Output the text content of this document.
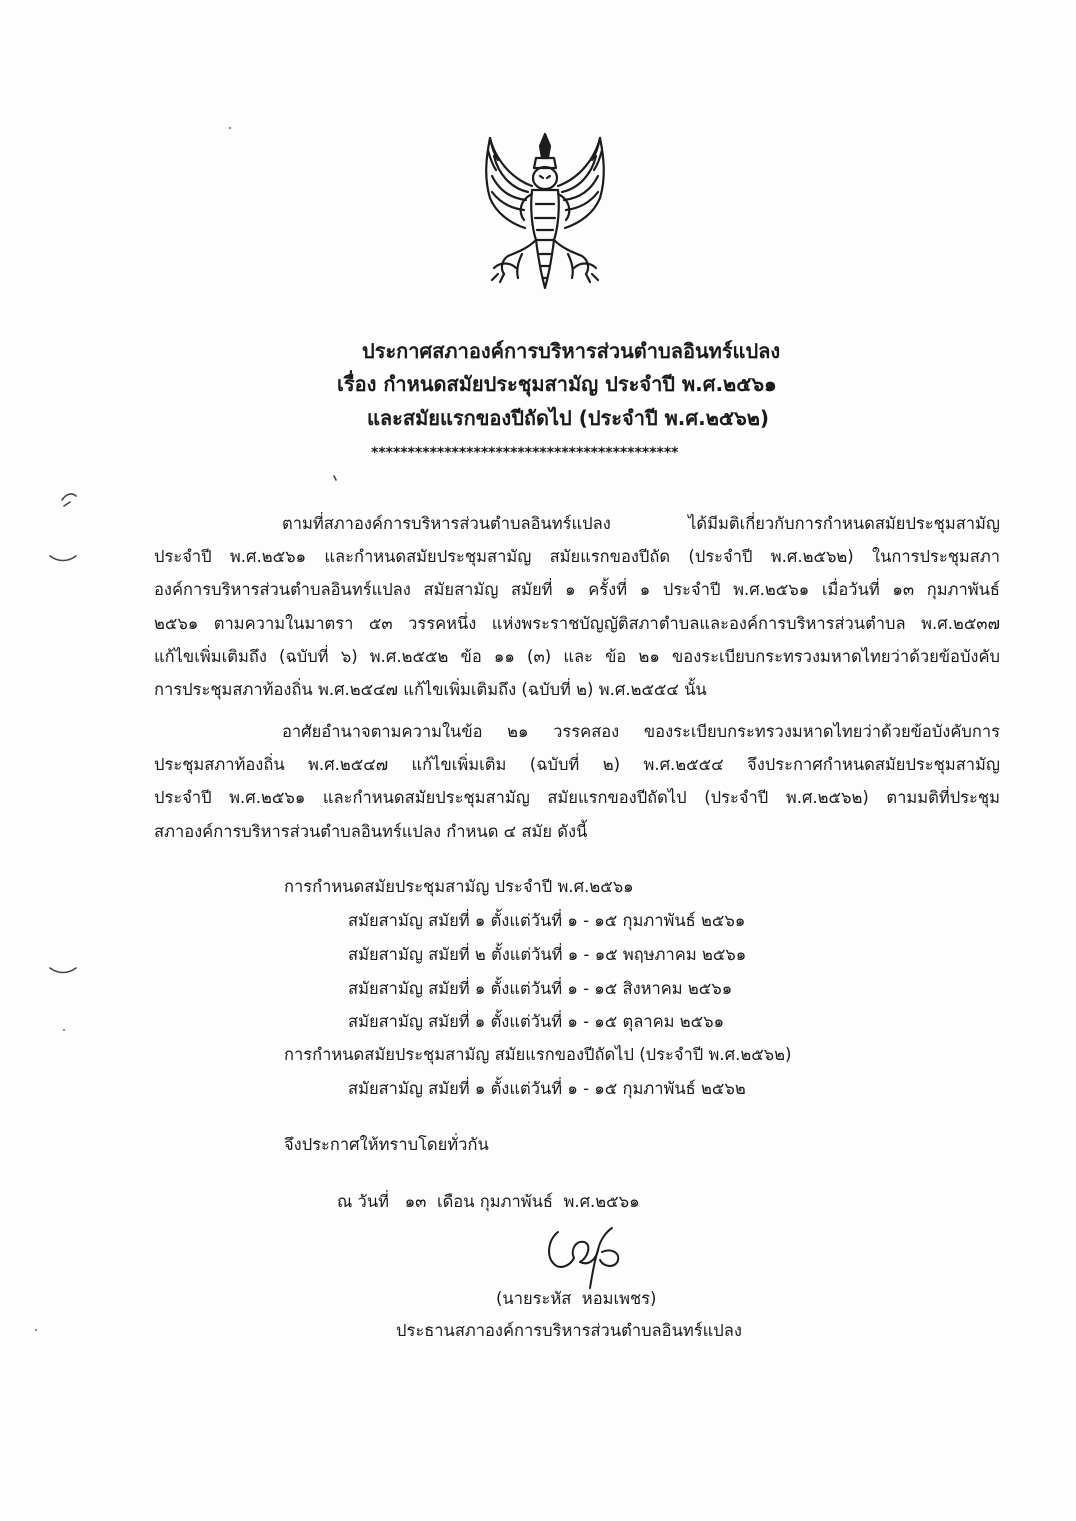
ประกาศสภาองค์การบริหารส่วนตำบลอินทร์แปลง
เรื่อง กำหนดสมัยประชุมสามัญ ประจำปี พ.ศ.๒๕๖๑
และสมัยแรกของปีถัดไป (ประจำปี พ.ศ.๒๕๖๒)
******************************************
ตามที่สภาองค์การบริหารส่วนตำบลอินทร์แปลง ได้มีมติเกี่ยวกับการกำหนดสมัยประชุมสามัญ
ประจำปี พ.ศ.๒๕๖๑ และกำหนดสมัยประชุมสามัญ สมัยแรกของปีถัด (ประจำปี พ.ศ.๒๕๖๒) ในการประชุมสภา
องค์การบริหารส่วนตำบลอินทร์แปลง สมัยสามัญ สมัยที่ ๑ ครั้งที่ ๑ ประจำปี พ.ศ.๒๕๖๑ เมื่อวันที่ ๑๓ กุมภาพันธ์
๒๕๖๑ ตามความในมาตรา ๕๓ วรรคหนึ่ง แห่งพระราชบัญญัติสภาตำบลและองค์การบริหารส่วนตำบล พ.ศ.๒๕๓๗
แก้ไขเพิ่มเติมถึง (ฉบับที่ ๖) พ.ศ.๒๕๕๒ ข้อ ๑๑ (๓) และ ข้อ ๒๑ ของระเบียบกระทรวงมหาดไทยว่าด้วยข้อบังคับ
การประชุมสภาท้องถิ่น พ.ศ.๒๕๔๗ แก้ไขเพิ่มเติมถึง (ฉบับที่ ๒) พ.ศ.๒๕๕๔ นั้น
อาศัยอำนาจตามความในข้อ ๒๑ วรรคสอง ของระเบียบกระทรวงมหาดไทยว่าด้วยข้อบังคับการ
ประชุมสภาท้องถิ่น พ.ศ.๒๕๔๗ แก้ไขเพิ่มเติม (ฉบับที่ ๒) พ.ศ.๒๕๕๔ จึงประกาศกำหนดสมัยประชุมสามัญ
ประจำปี พ.ศ.๒๕๖๑ และกำหนดสมัยประชุมสามัญ สมัยแรกของปีถัดไป (ประจำปี พ.ศ.๒๕๖๒) ตามมติที่ประชุม
สภาองค์การบริหารส่วนตำบลอินทร์แปลง กำหนด ๔ สมัย ดังนี้
การกำหนดสมัยประชุมสามัญ ประจำปี พ.ศ.๒๕๖๑
สมัยสามัญ สมัยที่ ๑ ตั้งแต่วันที่ ๑ - ๑๕ กุมภาพันธ์ ๒๕๖๑
สมัยสามัญ สมัยที่ ๒ ตั้งแต่วันที่ ๑ - ๑๕ พฤษภาคม ๒๕๖๑
สมัยสามัญ สมัยที่ ๑ ตั้งแต่วันที่ ๑ - ๑๕ สิงหาคม ๒๕๖๑
สมัยสามัญ สมัยที่ ๑ ตั้งแต่วันที่ ๑ - ๑๕ ตุลาคม ๒๕๖๑
การกำหนดสมัยประชุมสามัญ สมัยแรกของปีถัดไป (ประจำปี พ.ศ.๒๕๖๒)
สมัยสามัญ สมัยที่ ๑ ตั้งแต่วันที่ ๑ - ๑๕ กุมภาพันธ์ ๒๕๖๒
จึงประกาศให้ทราบโดยทั่วกัน
ณ วันที่   ๑๓  เดือน กุมภาพันธ์  พ.ศ.๒๕๖๑
(นายระหัส  หอมเพชร)
ประธานสภาองค์การบริหารส่วนตำบลอินทร์แปลง
